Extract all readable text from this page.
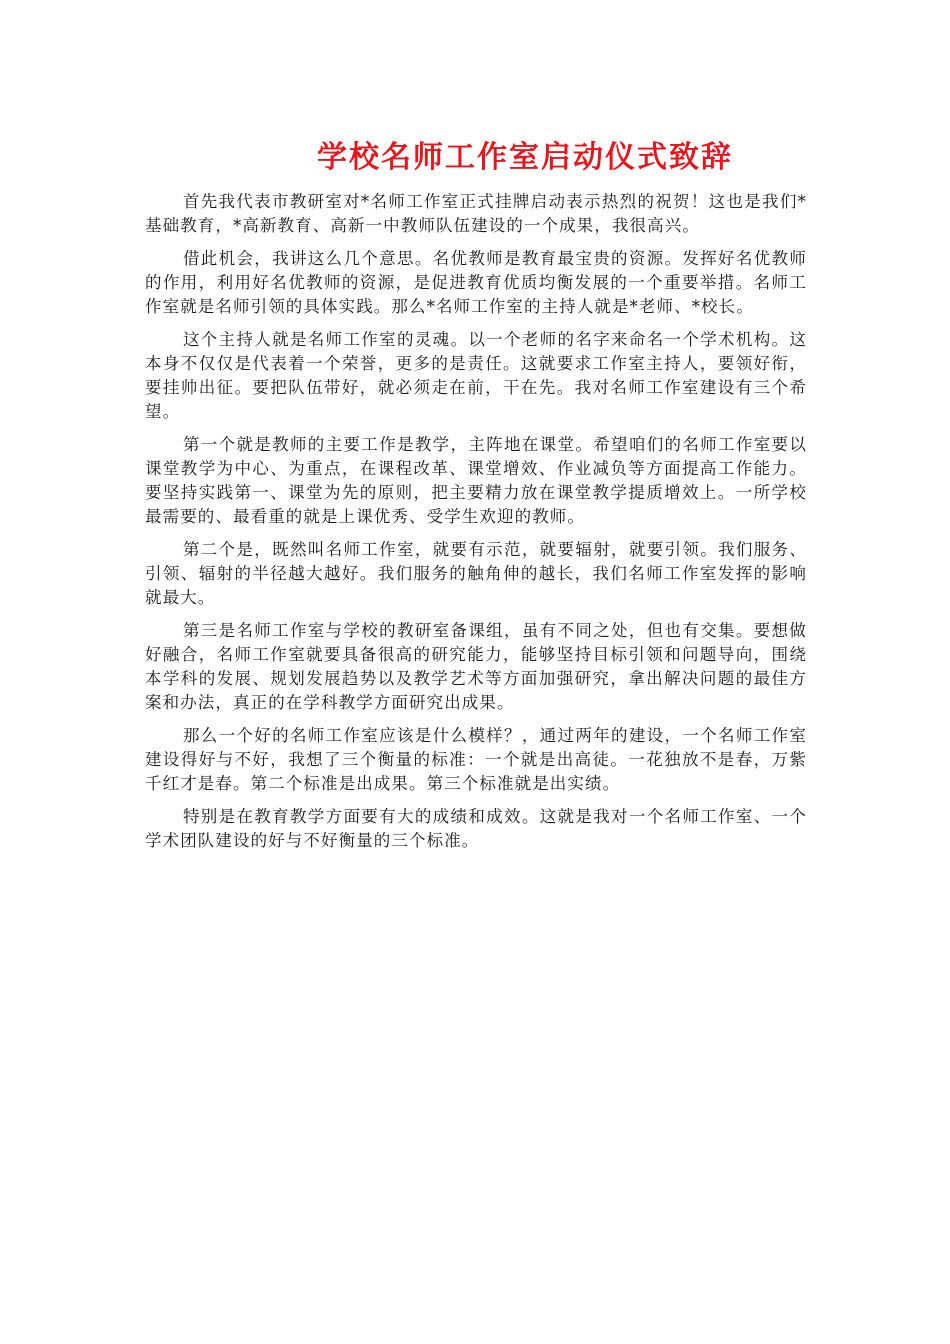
学校名师工作室启动仪式致辞

首先我代表市教研室对*名师工作室正式挂牌启动表示热烈的祝贺！这也是我们*基础教育，*高新教育、高新一中教师队伍建设的一个成果，我很高兴。

借此机会，我讲这么几个意思。名优教师是教育最宝贵的资源。发挥好名优教师的作用，利用好名优教师的资源，是促进教育优质均衡发展的一个重要举措。名师工作室就是名师引领的具体实践。那么*名师工作室的主持人就是*老师、*校长。

这个主持人就是名师工作室的灵魂。以一个老师的名字来命名一个学术机构。这本身不仅仅是代表着一个荣誉，更多的是责任。这就要求工作室主持人，要领好衔，要挂帅出征。要把队伍带好，就必须走在前，干在先。我对名师工作室建设有三个希望。

第一个就是教师的主要工作是教学，主阵地在课堂。希望咱们的名师工作室要以课堂教学为中心、为重点，在课程改革、课堂增效、作业减负等方面提高工作能力。要坚持实践第一、课堂为先的原则，把主要精力放在课堂教学提质增效上。一所学校最需要的、最看重的就是上课优秀、受学生欢迎的教师。

第二个是，既然叫名师工作室，就要有示范，就要辐射，就要引领。我们服务、引领、辐射的半径越大越好。我们服务的触角伸的越长，我们名师工作室发挥的影响就最大。

第三是名师工作室与学校的教研室备课组，虽有不同之处，但也有交集。要想做好融合，名师工作室就要具备很高的研究能力，能够坚持目标引领和问题导向，围绕本学科的发展、规划发展趋势以及教学艺术等方面加强研究，拿出解决问题的最佳方案和办法，真正的在学科教学方面研究出成果。

那么一个好的名师工作室应该是什么模样？，通过两年的建设，一个名师工作室建设得好与不好，我想了三个衡量的标准：一个就是出高徒。一花独放不是春，万紫千红才是春。第二个标准是出成果。第三个标准就是出实绩。

特别是在教育教学方面要有大的成绩和成效。这就是我对一个名师工作室、一个学术团队建设的好与不好衡量的三个标准。
